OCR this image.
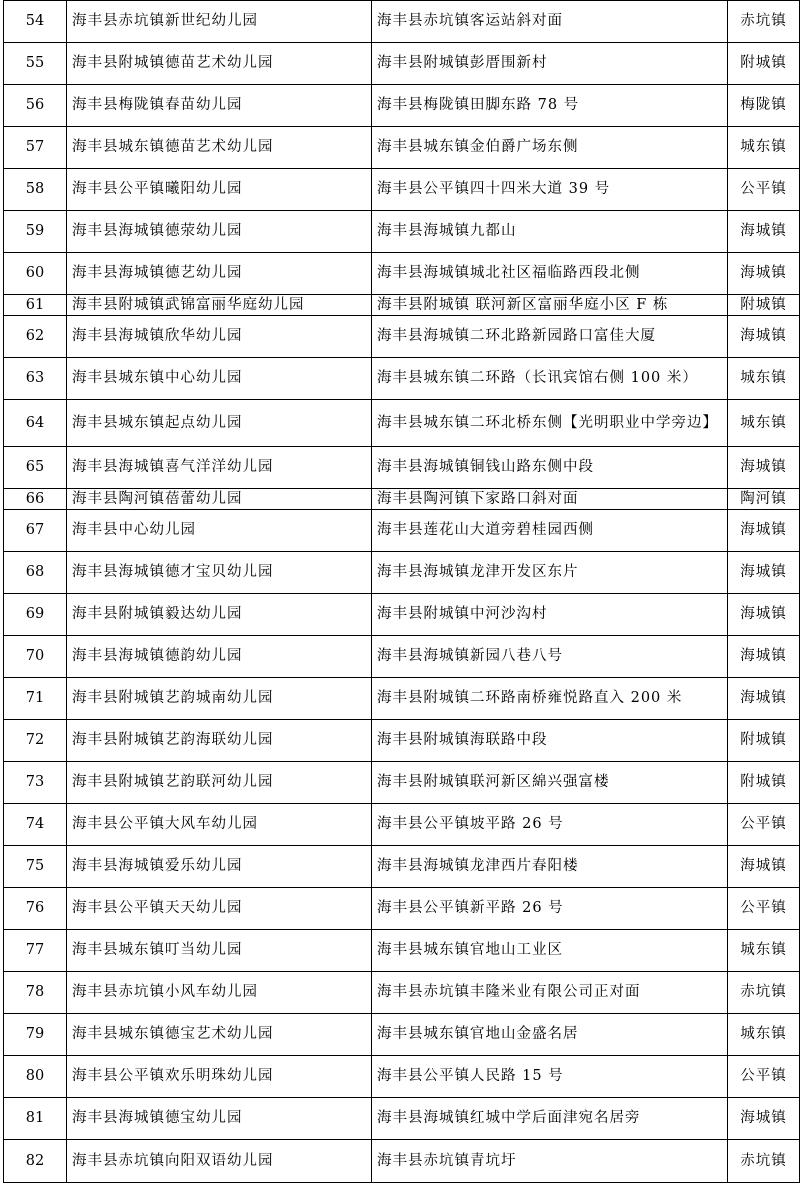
54	海丰县赤坑镇新世纪幼儿园	海丰县赤坑镇客运站斜对面	赤坑镇
55	海丰县附城镇德苗艺术幼儿园	海丰县附城镇彭厝围新村	附城镇
56	海丰县梅陇镇春苗幼儿园	海丰县梅陇镇田脚东路 78 号	梅陇镇
57	海丰县城东镇德苗艺术幼儿园	海丰县城东镇金伯爵广场东侧	城东镇
58	海丰县公平镇曦阳幼儿园	海丰县公平镇四十四米大道 39 号	公平镇
59	海丰县海城镇德荥幼儿园	海丰县海城镇九都山	海城镇
60	海丰县海城镇德艺幼儿园	海丰县海城镇城北社区福临路西段北侧	海城镇
61	海丰县附城镇武锦富丽华庭幼儿园	海丰县附城镇 联河新区富丽华庭小区 F 栋	附城镇
62	海丰县海城镇欣华幼儿园	海丰县海城镇二环北路新园路口富佳大厦	海城镇
63	海丰县城东镇中心幼儿园	海丰县城东镇二环路（长讯宾馆右侧 100 米）	城东镇
64	海丰县城东镇起点幼儿园	海丰县城东镇二环北桥东侧【光明职业中学旁边】	城东镇
65	海丰县海城镇喜气洋洋幼儿园	海丰县海城镇铜钱山路东侧中段	海城镇
66	海丰县陶河镇蓓蕾幼儿园	海丰县陶河镇下家路口斜对面	陶河镇
67	海丰县中心幼儿园	海丰县莲花山大道旁碧桂园西侧	海城镇
68	海丰县海城镇德才宝贝幼儿园	海丰县海城镇龙津开发区东片	海城镇
69	海丰县附城镇毅达幼儿园	海丰县附城镇中河沙沟村	海城镇
70	海丰县海城镇德韵幼儿园	海丰县海城镇新园八巷八号	海城镇
71	海丰县附城镇艺韵城南幼儿园	海丰县附城镇二环路南桥雍悦路直入 200 米	海城镇
72	海丰县附城镇艺韵海联幼儿园	海丰县附城镇海联路中段	附城镇
73	海丰县附城镇艺韵联河幼儿园	海丰县附城镇联河新区綿兴强富楼	附城镇
74	海丰县公平镇大风车幼儿园	海丰县公平镇坡平路 26 号	公平镇
75	海丰县海城镇爱乐幼儿园	海丰县海城镇龙津西片春阳楼	海城镇
76	海丰县公平镇天天幼儿园	海丰县公平镇新平路 26 号	公平镇
77	海丰县城东镇叮当幼儿园	海丰县城东镇官地山工业区	城东镇
78	海丰县赤坑镇小风车幼儿园	海丰县赤坑镇丰隆米业有限公司正对面	赤坑镇
79	海丰县城东镇德宝艺术幼儿园	海丰县城东镇官地山金盛名居	城东镇
80	海丰县公平镇欢乐明珠幼儿园	海丰县公平镇人民路 15 号	公平镇
81	海丰县海城镇德宝幼儿园	海丰县海城镇红城中学后面津宛名居旁	海城镇
82	海丰县赤坑镇向阳双语幼儿园	海丰县赤坑镇青坑圩	赤坑镇
